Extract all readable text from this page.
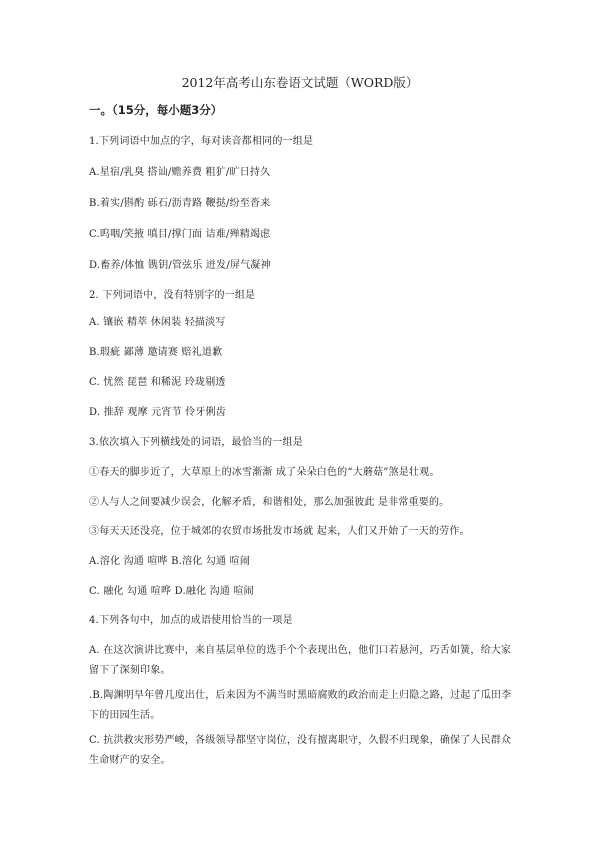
2012年高考山东卷语文试题（WORD版）
一。（15分，每小题3分）
1.下列词语中加点的字，每对读音都相同的一组是
A.星宿/乳臭 搭讪/赡养费 粗犷/旷日持久
B.着实/斟酌 砾石/沥青路 鞭挞/纷至沓来
C.呜咽/笑掖 嗔目/撑门面 诘难/殚精竭虑
D.畜养/体恤 镌钥/管弦乐 迸发/屏气凝神
2. 下列词语中，没有特别字的一组是
A. 镶嵌 精萃 休闲装 轻描淡写
B.瑕疵 鄙薄 邀请赛 赔礼道歉
C. 忧然 琵琶 和稀泥 玲珑剔透
D. 推辞 观摩 元宵节 伶牙俐齿
3.依次填入下列横线处的词语，最恰当的一组是
①春天的脚步近了，大草原上的冰雪渐渐 成了朵朵白色的“大蘑菇”煞是壮观。
②人与人之间要减少误会，化解矛盾，和谐相处，那么加强彼此 是非常重要的。
③每天天还没亮，位于城郊的农贸市场批发市场就 起来，人们又开始了一天的劳作。
A.溶化 沟通 喧哗 B.溶化 勾通 喧闹
C. 融化 勾通 喧哗 D.融化 沟通 喧闹
4.下列各句中，加点的成语使用恰当的一项是
A. 在这次演讲比赛中，来自基层单位的选手个个表现出色，他们口若悬河，巧舌如簧，给大家留下了深刻印象。
.B.陶渊明早年曾几度出仕，后来因为不满当时黑暗腐败的政治而走上归隐之路，过起了瓜田李下的田园生活。
C. 抗洪救灾形势严峻，各级领导都坚守岗位，没有擅离职守，久假不归现象，确保了人民群众生命财产的安全。
